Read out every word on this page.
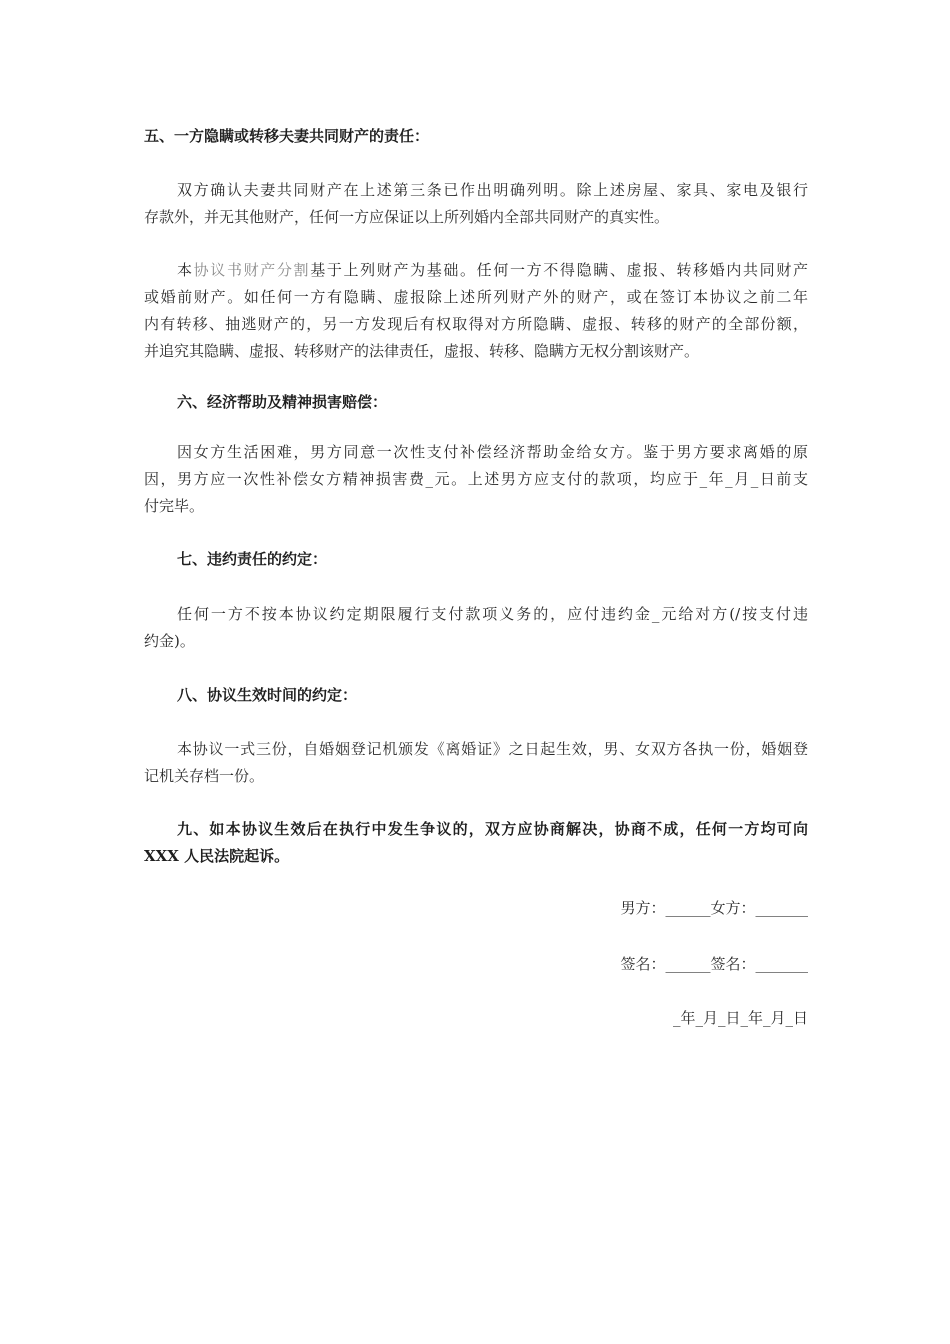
五、一方隐瞒或转移夫妻共同财产的责任：
双方确认夫妻共同财产在上述第三条已作出明确列明。除上述房屋、家具、家电及银行
存款外，并无其他财产，任何一方应保证以上所列婚内全部共同财产的真实性。
本协议书财产分割基于上列财产为基础。任何一方不得隐瞒、虚报、转移婚内共同财产
或婚前财产。如任何一方有隐瞒、虚报除上述所列财产外的财产，或在签订本协议之前二年
内有转移、抽逃财产的，另一方发现后有权取得对方所隐瞒、虚报、转移的财产的全部份额，
并追究其隐瞒、虚报、转移财产的法律责任，虚报、转移、隐瞒方无权分割该财产。
六、经济帮助及精神损害赔偿：
因女方生活困难，男方同意一次性支付补偿经济帮助金给女方。鉴于男方要求离婚的原
因，男方应一次性补偿女方精神损害费_元。上述男方应支付的款项，均应于_年_月_日前支
付完毕。
七、违约责任的约定：
任何一方不按本协议约定期限履行支付款项义务的，应付违约金_元给对方(/按支付违
约金)。
八、协议生效时间的约定：
本协议一式三份，自婚姻登记机颁发《离婚证》之日起生效，男、女双方各执一份，婚姻登
记机关存档一份。
九、如本协议生效后在执行中发生争议的，双方应协商解决，协商不成，任何一方均可向
XXX 人民法院起诉。
男方：______女方：_______
签名：______签名：_______
_年_月_日_年_月_日
